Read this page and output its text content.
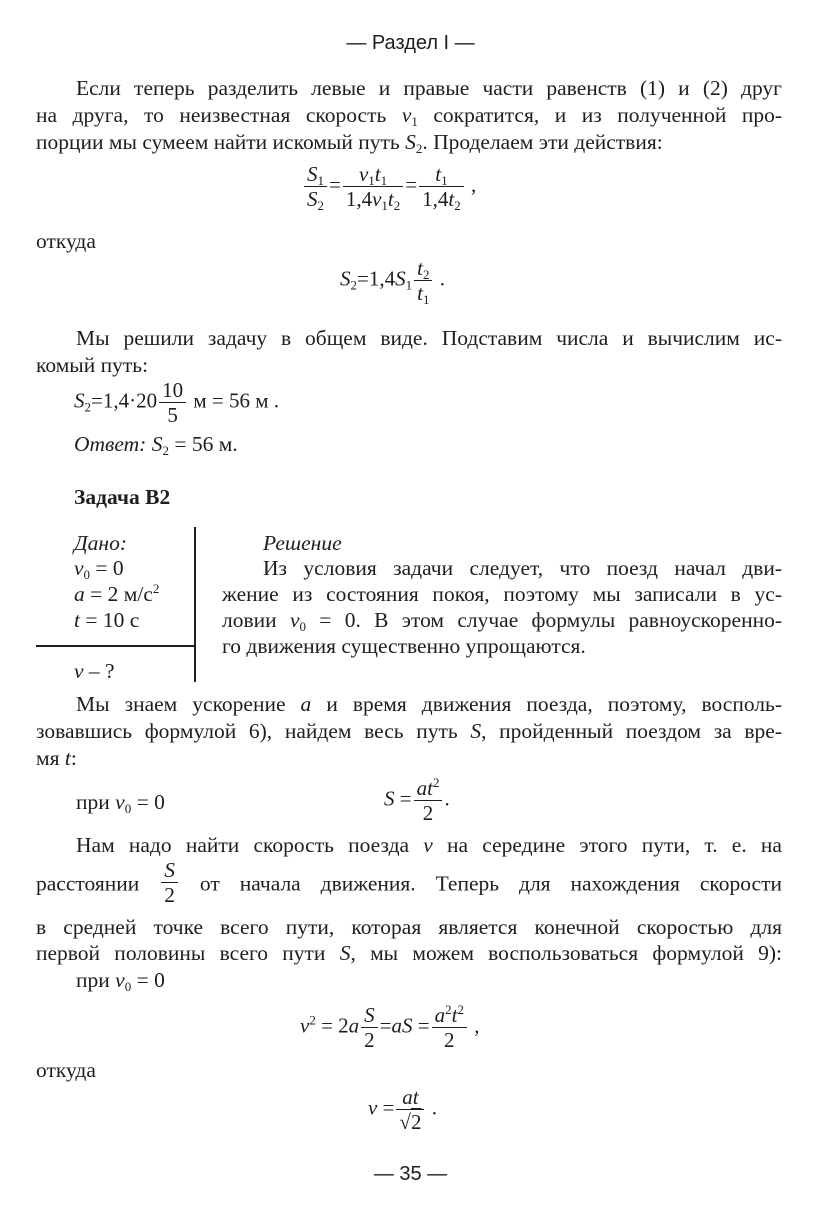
— Раздел I —
Если теперь разделить левые и правые части равенств (1) и (2) друг
на друга, то неизвестная скорость $v_1$ сократится, и из полученной про-
порции мы сумеем найти искомый путь $S_2$. Проделаем эти действия:
$\frac{S_1}{S_2} = \frac{v_1t_1}{1,4v_1t_2} = \frac{t_1}{1,4t_2}$ ,
откуда
$S_2=1,4S_1 \frac{t_2}{t_1}$ .
Мы решили задачу в общем виде. Подставим числа и вычислим ис-
комый путь:
$S_2=1,4\cdot 20 \frac{10}{5}$ м = 56 м .
Ответ: $S_2 = 56$ м.
Задача В2
Дано:
$v_0 = 0$
a = 2 $м/с^2$
t = 10 с
v – ?
Решение
Из условия задачи следует, что поезд начал дви-
жение из состояния покоя, поэтому мы записали в ус-
ловии $v_0 = 0$. В этом случае формулы равноускоренно-
го движения существенно упрощаются.
Мы знаем ускорение a и время движения поезда, поэтому, восполь-
зовавшись формулой 6), найдем весь путь S, пройденный поездом за вре-
мя t:
при $v_0 = 0$	$S = \frac{at^2}{2}$ .
Нам надо найти скорость поезда v на середине этого пути, т. е. на
расстоянии $\frac{S}{2}$ от начала движения. Теперь для нахождения скорости
в средней точке всего пути, которая является конечной скоростью для
первой половины всего пути S, мы можем воспользоваться формулой 9):
при $v_0 = 0$
$v^2 = 2a \frac{S}{2} =aS = \frac{a^2t^2}{2}$ ,
откуда
$v = \frac{at}{√2}$ .
— 35 —
